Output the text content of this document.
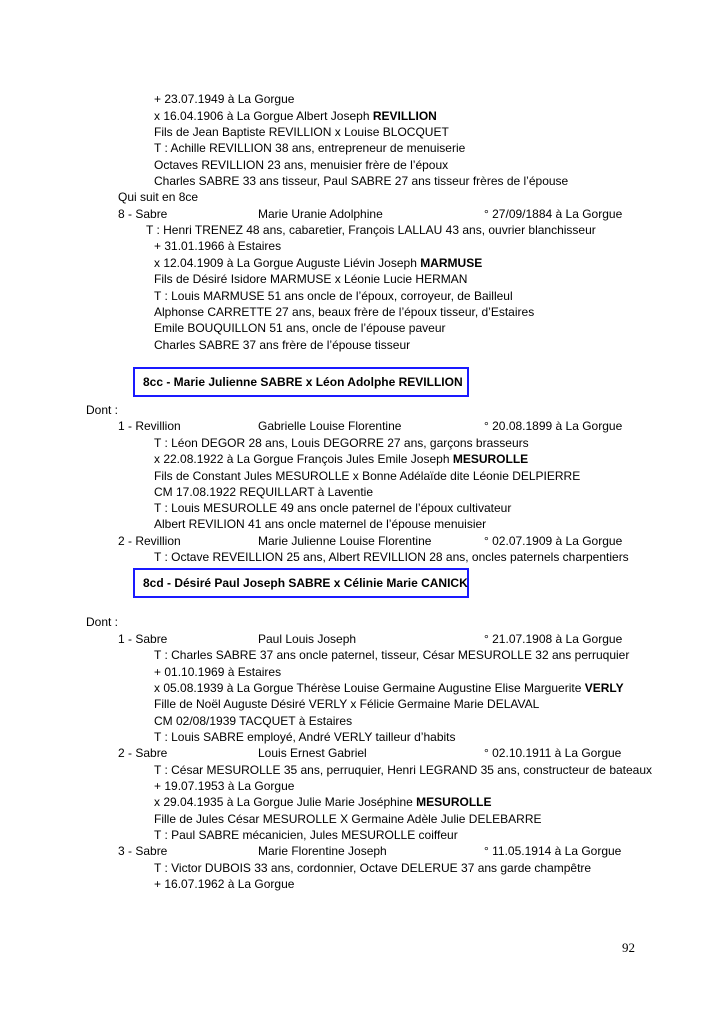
+ 23.07.1949 à La Gorgue
x 16.04.1906 à La Gorgue Albert Joseph REVILLION
Fils de Jean Baptiste REVILLION x Louise BLOCQUET
T : Achille REVILLION 38 ans, entrepreneur de menuiserie
Octaves REVILLION 23 ans, menuisier frère de l’époux
Charles SABRE 33 ans tisseur, Paul SABRE 27 ans tisseur frères de l’épouse
Qui suit en 8ce
8 - Sabre	Marie Uranie Adolphine	° 27/09/1884 à La Gorgue
T : Henri TRENEZ 48 ans, cabaretier, François LALLAU 43 ans, ouvrier blanchisseur
+ 31.01.1966 à Estaires
x 12.04.1909 à La Gorgue Auguste Liévin Joseph MARMUSE
Fils de Désiré Isidore MARMUSE x Léonie Lucie HERMAN
T : Louis MARMUSE 51 ans oncle de l’époux, corroyeur, de Bailleul
Alphonse CARRETTE 27 ans, beaux frère de l’époux tisseur, d’Estaires
Emile BOUQUILLON 51 ans, oncle de l’épouse paveur
Charles SABRE 37 ans frère de l’épouse tisseur
8cc - Marie Julienne SABRE x Léon Adolphe REVILLION
Dont :
1 - Revillion	Gabrielle Louise Florentine	° 20.08.1899 à La Gorgue
T : Léon DEGOR 28 ans, Louis DEGORRE 27 ans, garçons brasseurs
x 22.08.1922 à La Gorgue François Jules Emile Joseph MESUROLLE
Fils de Constant Jules MESUROLLE x Bonne Adélaïde dite Léonie DELPIERRE
CM 17.08.1922 REQUILLART à Laventie
T : Louis MESUROLLE 49 ans oncle paternel de l’époux cultivateur
Albert REVILION 41 ans oncle maternel de l’épouse menuisier
2 - Revillion	Marie Julienne Louise Florentine	° 02.07.1909 à La Gorgue
T : Octave REVEILLION 25 ans, Albert REVILLION 28 ans, oncles paternels charpentiers
8cd - Désiré Paul Joseph SABRE x Célinie Marie CANICK
Dont :
1 - Sabre	Paul Louis Joseph	° 21.07.1908 à La Gorgue
T : Charles SABRE 37 ans oncle paternel, tisseur, César MESUROLLE 32 ans perruquier
+ 01.10.1969 à Estaires
x 05.08.1939 à La Gorgue Thérèse Louise Germaine Augustine Elise Marguerite VERLY
Fille de Noël Auguste Désiré VERLY x Félicie Germaine Marie DELAVAL
CM 02/08/1939 TACQUET à Estaires
T : Louis SABRE employé, André VERLY tailleur d’habits
2 - Sabre	Louis Ernest Gabriel	° 02.10.1911 à La Gorgue
T : César MESUROLLE 35 ans, perruquier, Henri LEGRAND 35 ans, constructeur de bateaux
+ 19.07.1953 à La Gorgue
x 29.04.1935 à La Gorgue Julie Marie Joséphine MESUROLLE
Fille de Jules César MESUROLLE X Germaine Adèle Julie DELEBARRE
T : Paul SABRE mécanicien, Jules MESUROLLE coiffeur
3 - Sabre	Marie Florentine Joseph	° 11.05.1914 à La Gorgue
T : Victor DUBOIS 33 ans, cordonnier, Octave DELERUE 37 ans garde champêtre
+ 16.07.1962 à La Gorgue
92
